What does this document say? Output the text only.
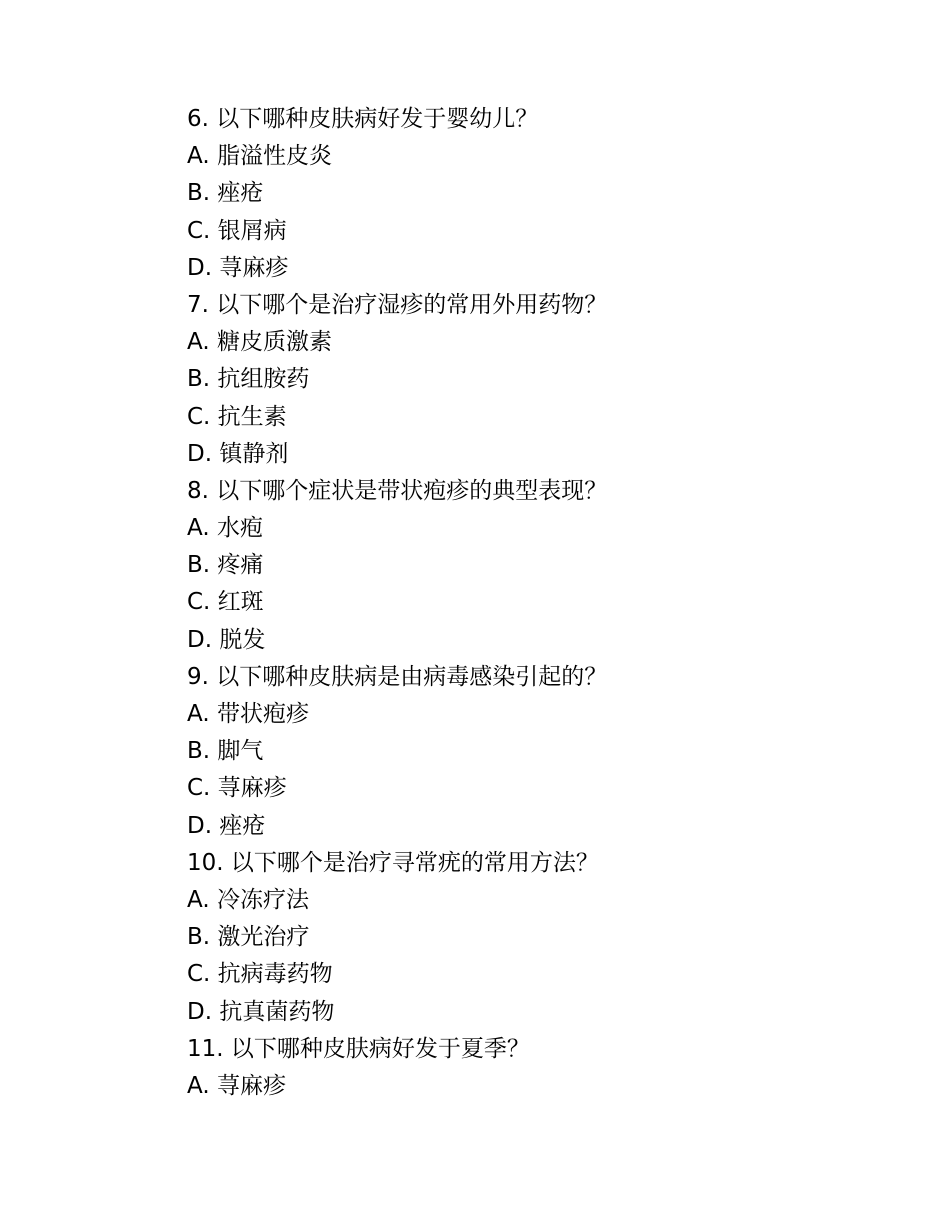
6. 以下哪种皮肤病好发于婴幼儿？
A. 脂溢性皮炎
B. 痤疮
C. 银屑病
D. 荨麻疹
7. 以下哪个是治疗湿疹的常用外用药物？
A. 糖皮质激素
B. 抗组胺药
C. 抗生素
D. 镇静剂
8. 以下哪个症状是带状疱疹的典型表现？
A. 水疱
B. 疼痛
C. 红斑
D. 脱发
9. 以下哪种皮肤病是由病毒感染引起的？
A. 带状疱疹
B. 脚气
C. 荨麻疹
D. 痤疮
10. 以下哪个是治疗寻常疣的常用方法？
A. 冷冻疗法
B. 激光治疗
C. 抗病毒药物
D. 抗真菌药物
11. 以下哪种皮肤病好发于夏季？
A. 荨麻疹
